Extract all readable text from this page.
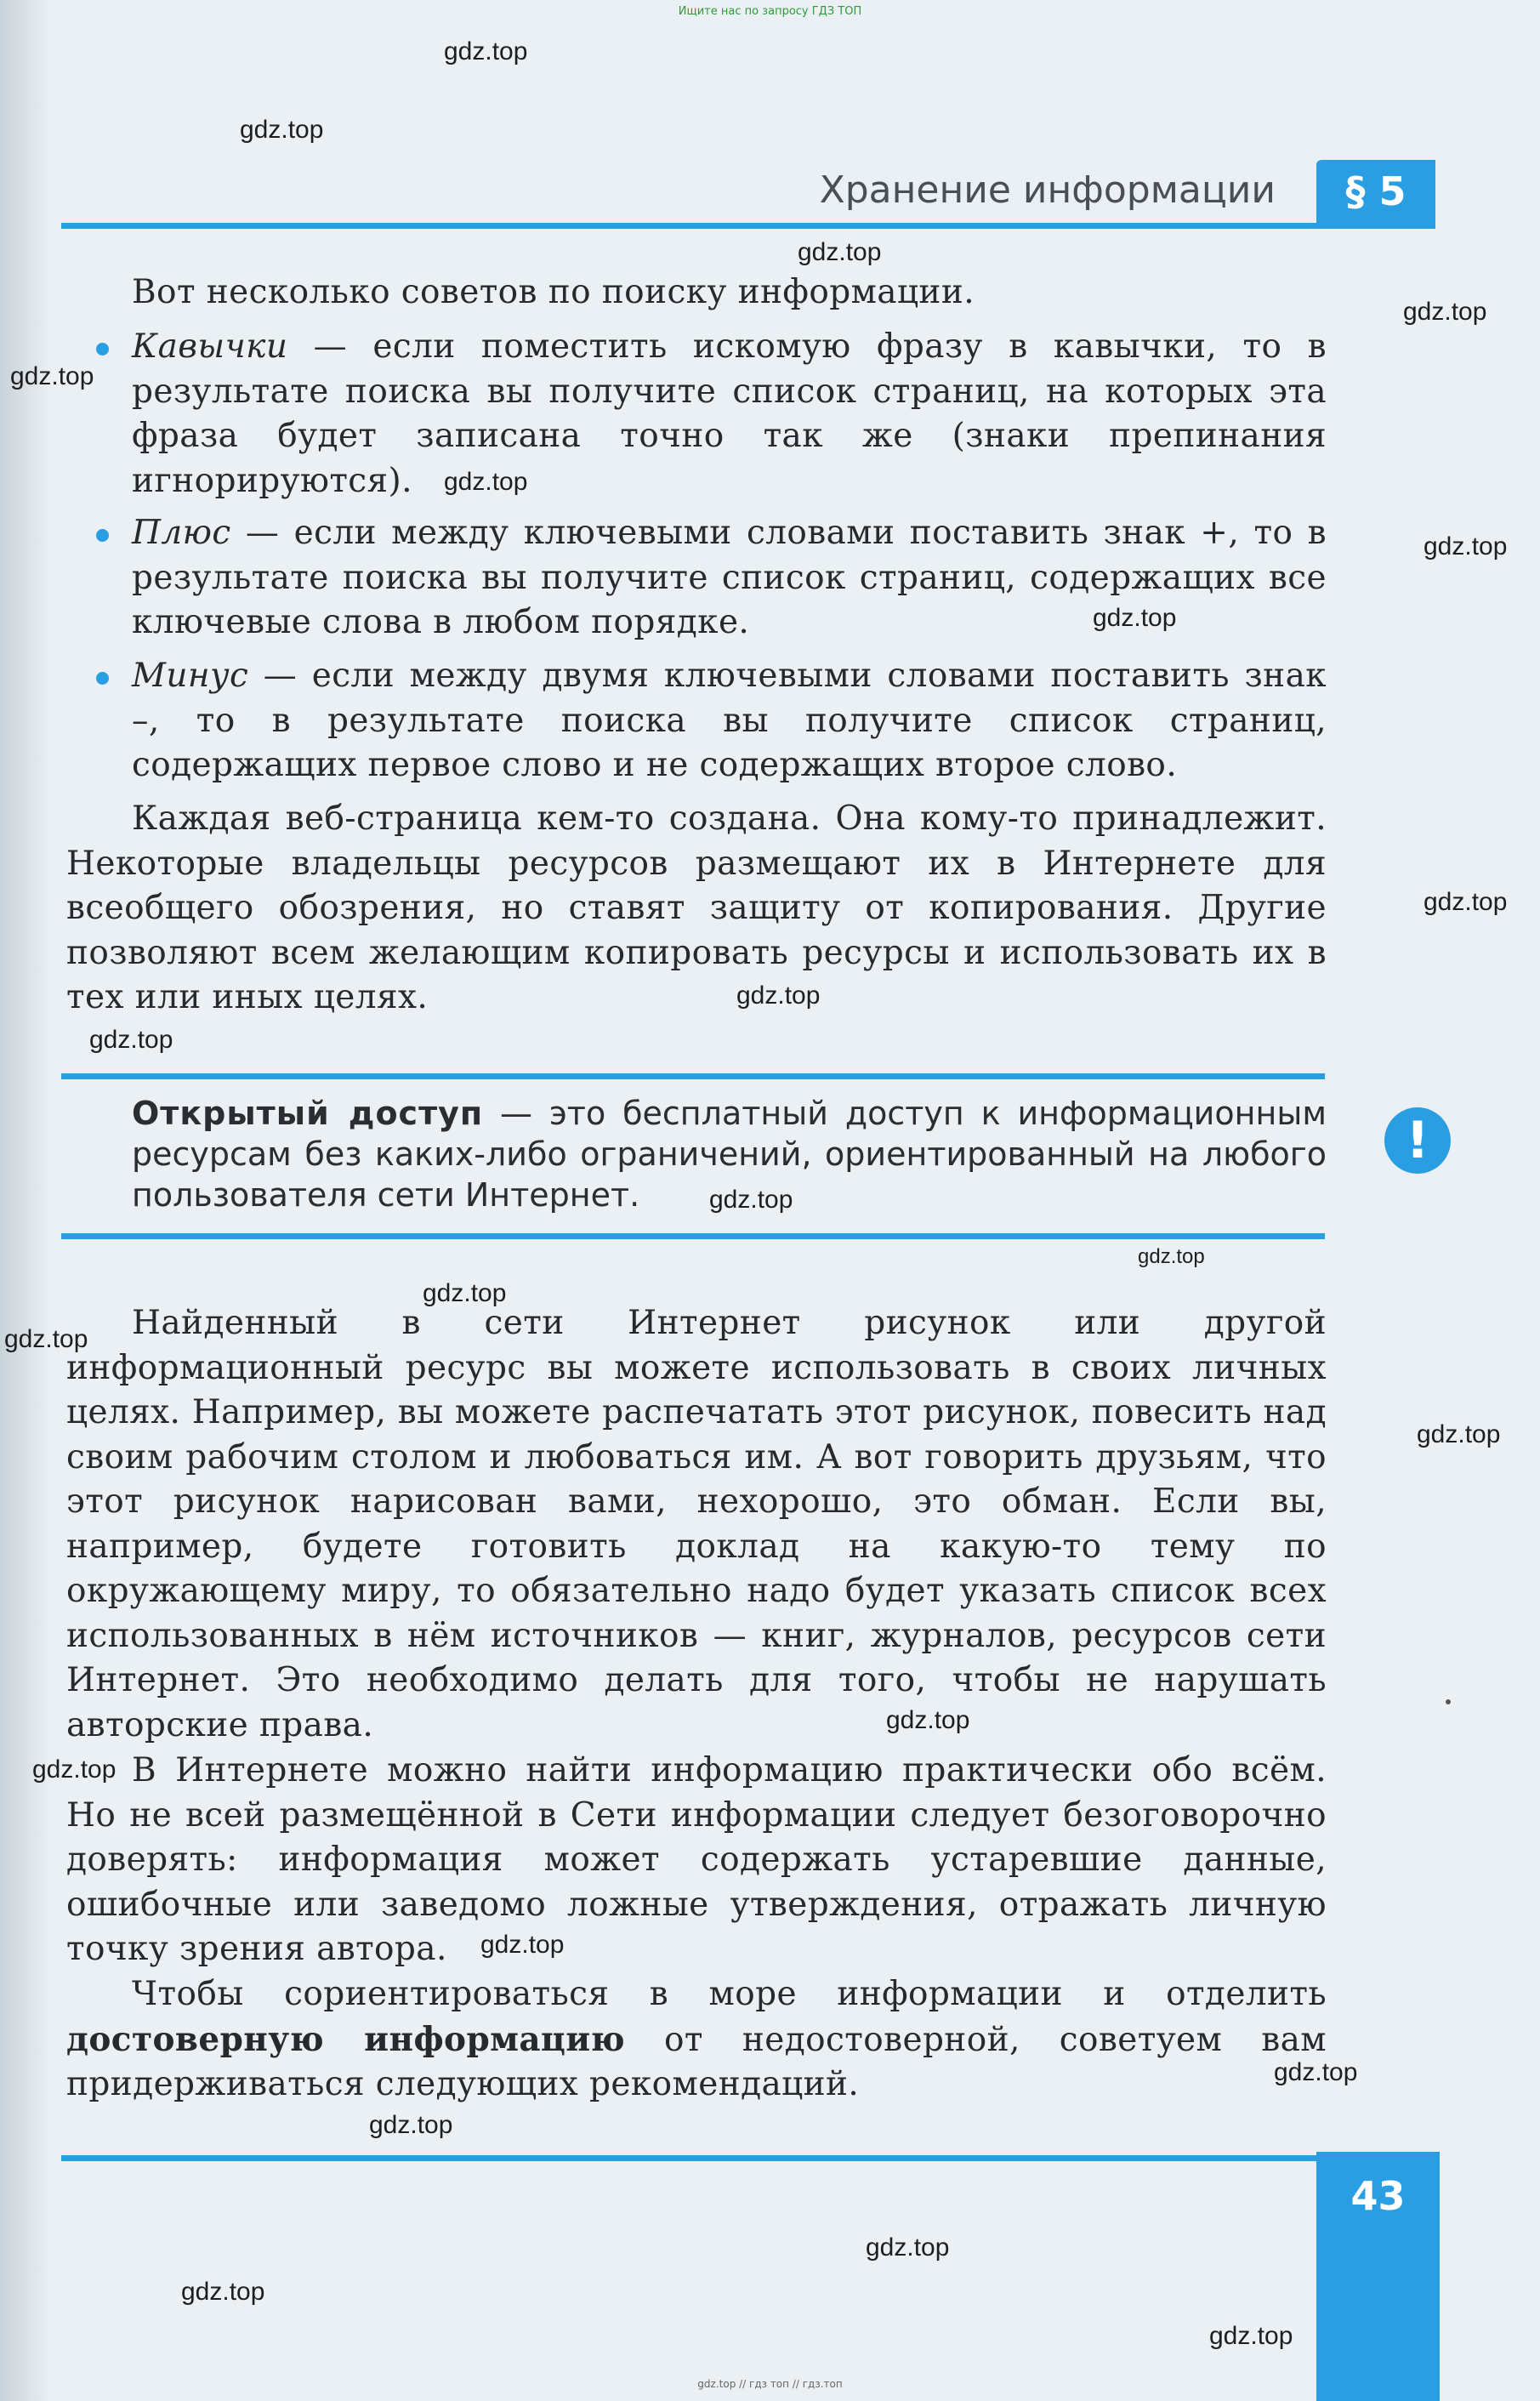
Ищите нас по запросу ГДЗ ТОП
Хранение информации	§ 5
Вот несколько советов по поиску информации.
Кавычки — если поместить искомую фразу в кавычки, то в результате поиска вы получите список страниц, на которых эта фраза будет записана точно так же (знаки препинания игнорируются).
Плюс — если между ключевыми словами поставить знак +, то в результате поиска вы получите список страниц, содержащих все ключевые слова в любом порядке.
Минус — если между двумя ключевыми словами поставить знак –, то в результате поиска вы получите список страниц, содержащих первое слово и не содержащих второе слово.
Каждая веб-страница кем-то создана. Она кому-то принадлежит. Некоторые владельцы ресурсов размещают их в Интернете для всеобщего обозрения, но ставят защиту от копирования. Другие позволяют всем желающим копировать ресурсы и использовать их в тех или иных целях.
Открытый доступ — это бесплатный доступ к информационным ресурсам без каких-либо ограничений, ориентированный на любого пользователя сети Интернет.
!
Найденный в сети Интернет рисунок или другой информационный ресурс вы можете использовать в своих личных целях. Например, вы можете распечатать этот рисунок, повесить над своим рабочим столом и любоваться им. А вот говорить друзьям, что этот рисунок нарисован вами, нехорошо, это обман. Если вы, например, будете готовить доклад на какую-то тему по окружающему миру, то обязательно надо будет указать список всех использованных в нём источников — книг, журналов, ресурсов сети Интернет. Это необходимо делать для того, чтобы не нарушать авторские права.
В Интернете можно найти информацию практически обо всём. Но не всей размещённой в Сети информации следует безоговорочно доверять: информация может содержать устаревшие данные, ошибочные или заведомо ложные утверждения, отражать личную точку зрения автора.
Чтобы сориентироваться в море информации и отделить достоверную информацию от недостоверной, советуем вам придерживаться следующих рекомендаций.
43
gdz.top
gdz.top
gdz.top
gdz.top
gdz.top
gdz.top
gdz.top
gdz.top
gdz.top
gdz.top
gdz.top
gdz.top
gdz.top
gdz.top
gdz.top
gdz.top
gdz.top
gdz.top
gdz.top
gdz.top
gdz.top
gdz.top
gdz.top
gdz.top
gdz.top // гдз топ // гдз.топ
